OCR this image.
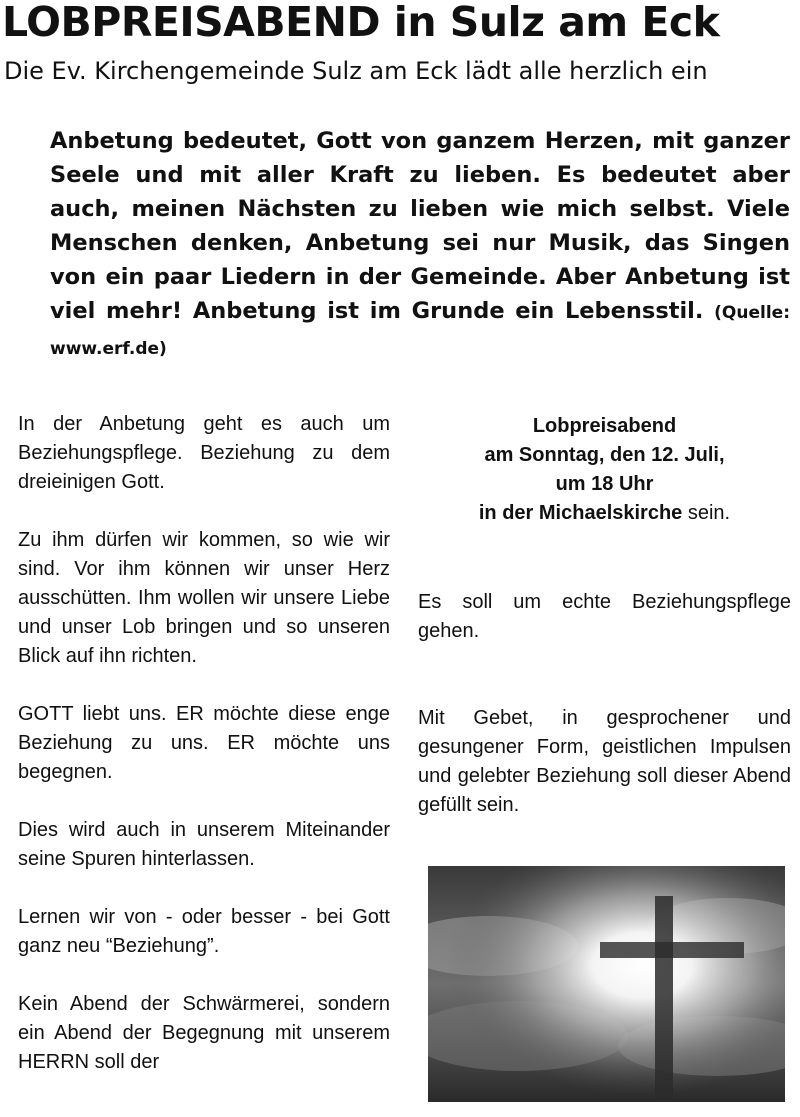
LOBPREISABEND in Sulz am Eck
Die Ev. Kirchengemeinde Sulz am Eck lädt alle herzlich ein

Anbetung bedeutet, Gott von ganzem Herzen, mit ganzer Seele und mit aller Kraft zu lieben. Es bedeutet aber auch, meinen Nächsten zu lieben wie mich selbst. Viele Menschen denken, Anbetung sei nur Musik, das Singen von ein paar Liedern in der Gemeinde. Aber Anbetung ist viel mehr! Anbetung ist im Grunde ein Lebensstil. (Quelle: www.erf.de)

In der Anbetung geht es auch um Beziehungspflege. Beziehung zu dem dreieinigen Gott.

Zu ihm dürfen wir kommen, so wie wir sind. Vor ihm können wir unser Herz ausschütten. Ihm wollen wir unsere Liebe und unser Lob bringen und so unseren Blick auf ihn richten.

GOTT liebt uns. ER möchte diese enge Beziehung zu uns. ER möchte uns begegnen.

Dies wird auch in unserem Miteinander seine Spuren hinterlassen.

Lernen wir von - oder besser - bei Gott ganz neu “Beziehung”.

Kein Abend der Schwärmerei, sondern ein Abend der Begegnung mit unserem HERRN soll der

Lobpreisabend
am Sonntag, den 12. Juli,
um 18 Uhr
in der Michaelskirche sein.

Es soll um echte Beziehungspflege gehen.

Mit Gebet, in gesprochener und gesungener Form, geistlichen Impulsen und gelebter Beziehung soll dieser Abend gefüllt sein.
